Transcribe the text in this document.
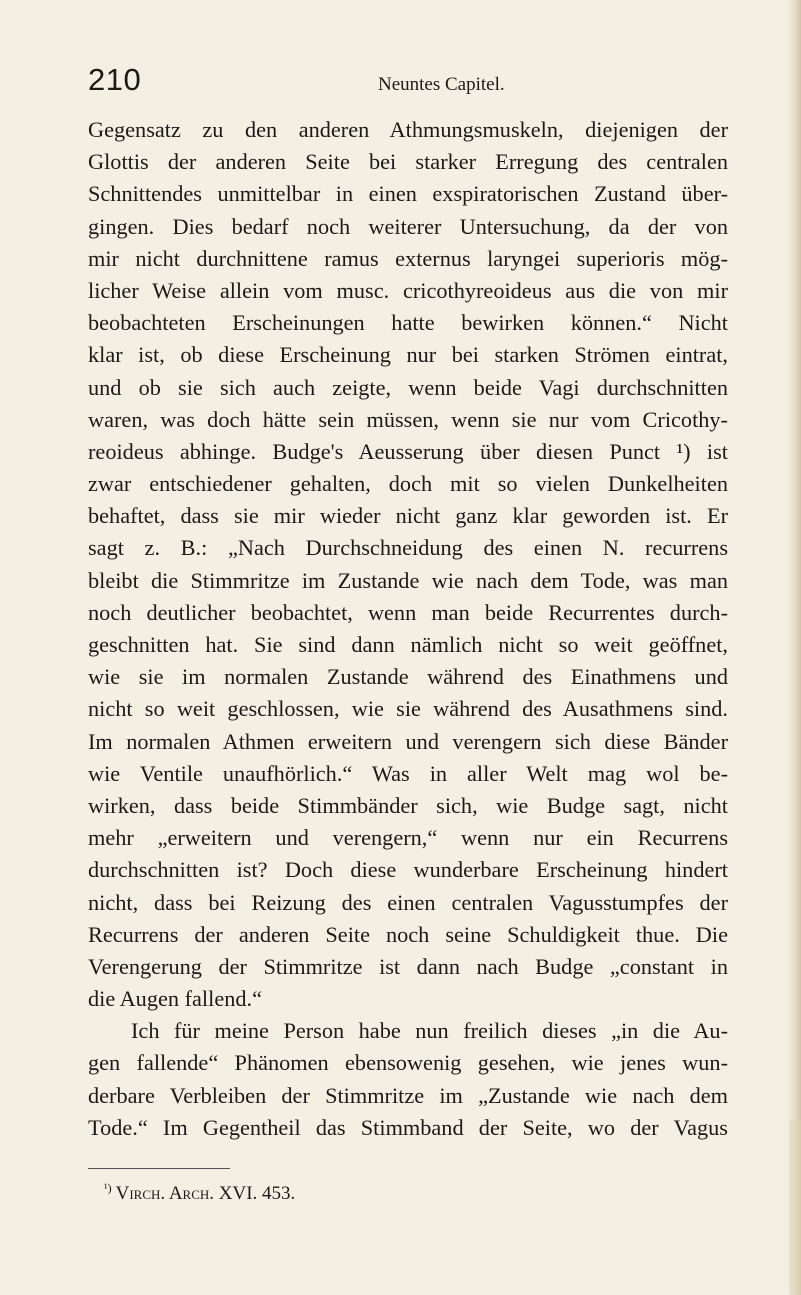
210	Neuntes Capitel.
Gegensatz zu den anderen Athmungsmuskeln, diejenigen der
Glottis der anderen Seite bei starker Erregung des centralen
Schnittendes unmittelbar in einen exspiratorischen Zustand über-
gingen. Dies bedarf noch weiterer Untersuchung, da der von
mir nicht durchnittene ramus externus laryngei superioris mög-
licher Weise allein vom musc. cricothyreoideus aus die von mir
beobachteten Erscheinungen hatte bewirken können.“ Nicht
klar ist, ob diese Erscheinung nur bei starken Strömen eintrat,
und ob sie sich auch zeigte, wenn beide Vagi durchschnitten
waren, was doch hätte sein müssen, wenn sie nur vom Cricothy-
reoideus abhinge. Budge's Aeusserung über diesen Punct ¹) ist
zwar entschiedener gehalten, doch mit so vielen Dunkelheiten
behaftet, dass sie mir wieder nicht ganz klar geworden ist. Er
sagt z. B.: „Nach Durchschneidung des einen N. recurrens
bleibt die Stimmritze im Zustande wie nach dem Tode, was man
noch deutlicher beobachtet, wenn man beide Recurrentes durch-
geschnitten hat. Sie sind dann nämlich nicht so weit geöffnet,
wie sie im normalen Zustande während des Einathmens und
nicht so weit geschlossen, wie sie während des Ausathmens sind.
Im normalen Athmen erweitern und verengern sich diese Bänder
wie Ventile unaufhörlich.“ Was in aller Welt mag wol be-
wirken, dass beide Stimmbänder sich, wie Budge sagt, nicht
mehr „erweitern und verengern,“ wenn nur ein Recurrens
durchschnitten ist? Doch diese wunderbare Erscheinung hindert
nicht, dass bei Reizung des einen centralen Vagusstumpfes der
Recurrens der anderen Seite noch seine Schuldigkeit thue. Die
Verengerung der Stimmritze ist dann nach Budge „constant in
die Augen fallend.“
Ich für meine Person habe nun freilich dieses „in die Au-
gen fallende“ Phänomen ebensowenig gesehen, wie jenes wun-
derbare Verbleiben der Stimmritze im „Zustande wie nach dem
Tode.“ Im Gegentheil das Stimmband der Seite, wo der Vagus
$^{^1)}$ Virch. Arch. XVI. 453.
